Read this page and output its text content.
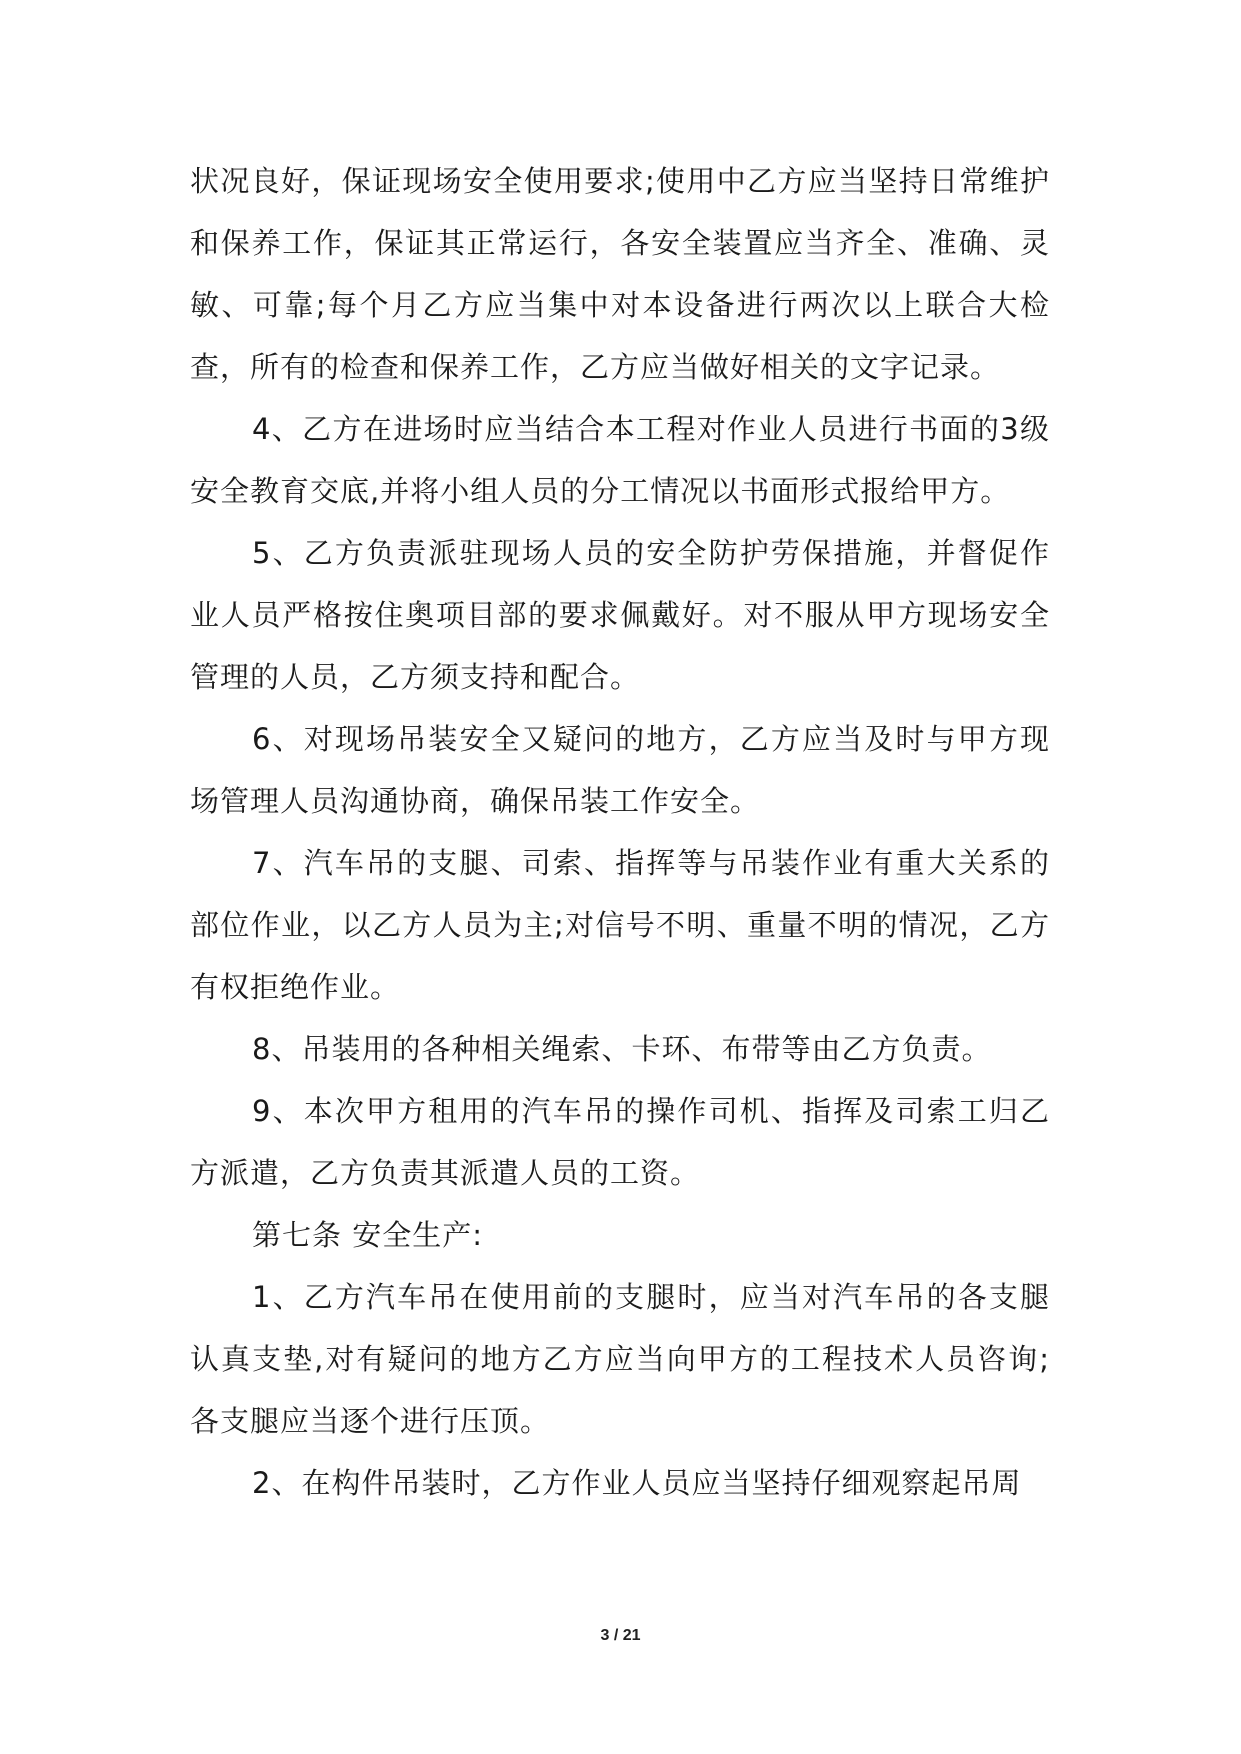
状况良好，保证现场安全使用要求;使用中乙方应当坚持日常维护和保养工作，保证其正常运行，各安全装置应当齐全、准确、灵敏、可靠;每个月乙方应当集中对本设备进行两次以上联合大检查，所有的检查和保养工作，乙方应当做好相关的文字记录。

4、乙方在进场时应当结合本工程对作业人员进行书面的3级安全教育交底,并将小组人员的分工情况以书面形式报给甲方。

5、乙方负责派驻现场人员的安全防护劳保措施，并督促作业人员严格按住奥项目部的要求佩戴好。对不服从甲方现场安全管理的人员，乙方须支持和配合。

6、对现场吊装安全又疑问的地方，乙方应当及时与甲方现场管理人员沟通协商，确保吊装工作安全。

7、汽车吊的支腿、司索、指挥等与吊装作业有重大关系的部位作业，以乙方人员为主;对信号不明、重量不明的情况，乙方有权拒绝作业。

8、吊装用的各种相关绳索、卡环、布带等由乙方负责。

9、本次甲方租用的汽车吊的操作司机、指挥及司索工归乙方派遣，乙方负责其派遣人员的工资。

第七条 安全生产:

1、乙方汽车吊在使用前的支腿时，应当对汽车吊的各支腿认真支垫,对有疑问的地方乙方应当向甲方的工程技术人员咨询;各支腿应当逐个进行压顶。

2、在构件吊装时，乙方作业人员应当坚持仔细观察起吊周

3 / 21
